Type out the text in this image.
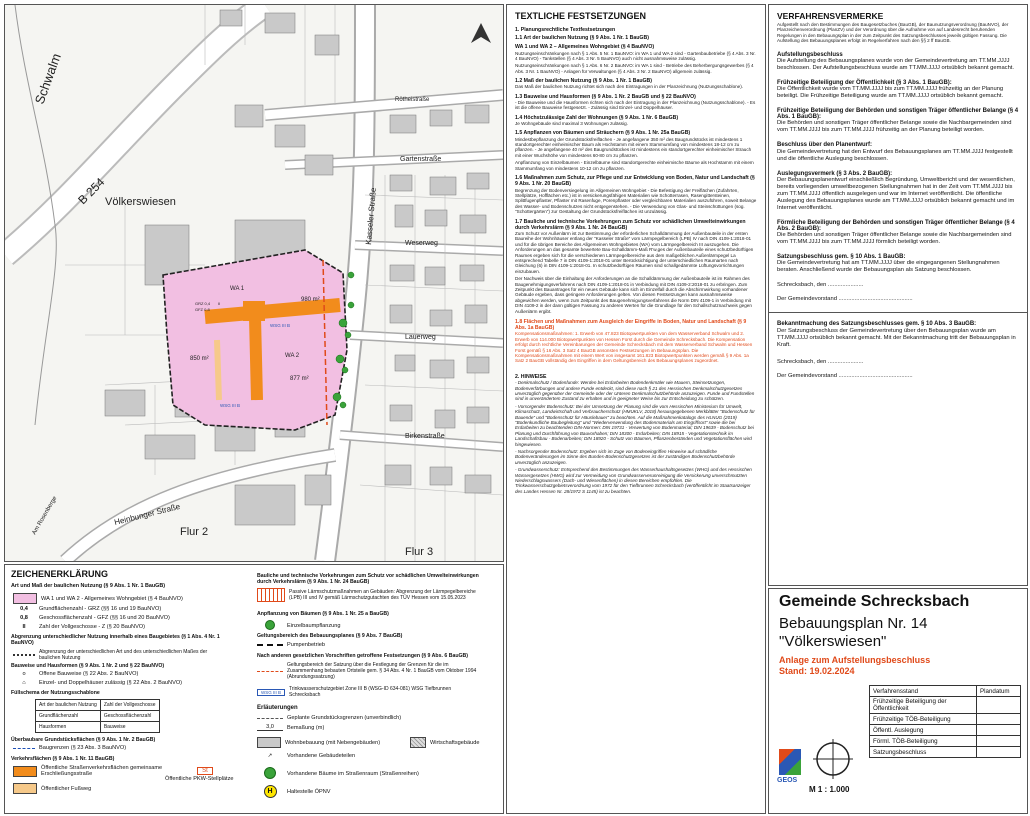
Schwalm
B 254
Rötheistraße
Gartenstraße
Kasseler Straße	Weserweg
Lauerweg
Birkenstraße
Heinbunger Straße
Am Rosenberge
Völkerswiesen
Flur 2
Flur 3
WA 1
WA 2
WSG III B
WSG III B
850 m²
980 m²
877 m²
GRZ 0,4
GFZ 0,8
II
ZEICHENERKLÄRUNG
Art und Maß der baulichen Nutzung (§ 9 Abs. 1 Nr. 1 BauGB)
WA 1 und WA 2 - Allgemeines Wohngebiet (§ 4 BauNVO)
0,4	Grundflächenzahl - GRZ (§§ 16 und 19 BauNVO)
0,8	Geschossflächenzahl - GFZ (§§ 16 und 20 BauNVO)
II	Zahl der Vollgeschosse - Z (§ 20 BauNVO)
Abgrenzung unterschiedlicher Nutzung innerhalb eines Baugebietes (§ 1 Abs. 4 Nr. 1 BauNVO)
Abgrenzung der unterschiedlichen Art und des unterschiedlichen Maßes der baulichen Nutzung
Bauweise und Hausformen (§ 9 Abs. 1 Nr. 2 und § 22 BauNVO)
o	Offene Bauweise (§ 22 Abs. 2 BauNVO)
⌂	Einzel- und Doppelhäuser zulässig (§ 22 Abs. 2 BauNVO)
Füllschema der Nutzungsschablone
Art der baulichen Nutzung	Zahl der Vollgeschosse
Grundflächenzahl	Geschossflächenzahl
Hausformen	Bauweise
Überbaubare Grundstücksflächen (§ 9 Abs. 1 Nr. 2 BauGB)
Baugrenzen (§ 23 Abs. 3 BauNVO)
Verkehrsflächen (§ 9 Abs. 1 Nr. 11 BauGB)
Öffentliche Straßenverkehrsflächen gemeinsame Erschließungsstraße
Öffentlicher Fußweg
St
Öffentliche PKW-Stellplätze
Bauliche und technische Vorkehrungen zum Schutz vor schädlichen Umwelteinwirkungen durch Verkehrslärm (§ 9 Abs. 1 Nr. 24 BauGB)
Passive Lärmschutzmaßnahmen an Gebäuden: Abgrenzung der Lärmpegelbereiche (LPB) III und IV gemäß Lärmschutzgutachten des TÜV Hessen vom 15.05.2023
Anpflanzung von Bäumen (§ 9 Abs. 1 Nr. 25 a BauGB)
Einzelbaumpflanzung
Geltungsbereich des Bebauungsplanes (§ 9 Abs. 7 BauGB)
Pumpenbetrieb
Nach anderen gesetzlichen Vorschriften getroffene Festsetzungen (§ 9 Abs. 6 BauGB)
Geltungsbereich der Satzung über die Festlegung der Grenzen für die im Zusammenhang bebauten Ortsteile gem. § 34 Abs. 4 Nr. 1 BauGB vom Oktober 1994 (Abrundungssatzung)
WSG III B	Trinkwasserschutzgebiet Zone III B (WSG-ID 634-081) WSG Tiefbrunnen Schrecksbach
Erläuterungen
Geplante Grundstücksgrenzen (unverbindlich)
3,0	Bemaßung (m)
Wohnbebauung (mit Nebengebäuden)	Wirtschaftsgebäude
↗	Vorhandene Gebäudeteilen
Vorhandene Bäume im Straßenraum (Straßenreihen)
H	Haltestelle ÖPNV
TEXTLICHE FESTSETZUNGEN
1. Planungsrechtliche Textfestsetzungen
1.1 Art der baulichen Nutzung (§ 9 Abs. 1 Nr. 1 BauGB)
WA 1 und WA 2 – Allgemeines Wohngebiet (§ 4 BauNVO)
Nutzungseinschränkungen nach § 1 Abs. 5 Nr. 1 BauNVO: im WA 1 und WA 2 sind - Gartenbaubetriebe (§ 4 Abs. 3 Nr. 4 BauNVO) - Tankstellen (§ 4 Abs. 3 Nr. 5 BauNVO) auch nicht ausnahmsweise zulässig.
Nutzungseinschränkungen nach § 1 Abs. 6 Nr. 2 BauNVO: im WA 1 sind - Betriebe des Beherbergungsgewerbes (§ 4 Abs. 3 Nr. 1 BauNVO) - Anlagen für Verwaltungen (§ 4 Abs. 3 Nr. 2 BauNVO) allgemein zulässig.
1.2 Maß der baulichen Nutzung (§ 9 Abs. 1 Nr. 1 BauGB)
Das Maß der baulichen Nutzung richtet sich nach den Eintragungen in der Planzeichnung (Nutzungsschablone).
1.3 Bauweise und Hausformen (§ 9 Abs. 1 Nr. 2 BauGB und § 22 BauNVO)
- Die Bauweise und die Hausformen richten sich nach der Eintragung in der Planzeichnung (Nutzungsschablone). - Es ist die offene Bauweise festgesetzt. - Zulässig sind Einzel- und Doppelhäuser.
1.4 Höchstzulässige Zahl der Wohnungen (§ 9 Abs. 1 Nr. 6 BauGB)
Je Wohngebäude sind maximal 3 Wohnungen zulässig.
1.5 Anpflanzen von Bäumen und Sträuchern (§ 9 Abs. 1 Nr. 25a BauGB)
Mindestbepflanzung der Grundstücksfreiflächen - Je angefangene 350 m² des Baugrundstücks ist mindestens 1 standortgerechter einheimischer Baum als Hochstamm mit einem Stammumfang von mindestens 18-12 cm zu pflanzen. - Je angefangene 40 m² des Baugrundstückes ist mindestens ein standortgerechter einheimischer Strauch mit einer Wuchshöhe von mindestens 60-80 cm zu pflanzen.
Anpflanzung von Einzelbäumen - Einzelbäume sind standortgerechte einheimische Bäume als Hochstamm mit einem Stammumfang von mindestens 10-12 cm zu pflanzen.
1.6 Maßnahmen zum Schutz, zur Pflege und zur Entwicklung von Boden, Natur und Landschaft (§ 9 Abs. 1 Nr. 20 BauGB)
Begrenzung der Bodenversiegelung im Allgemeinen Wohngebiet - Die Befestigung der Freiflächen (Zufahrten, Stellplätze, Hofflächen etc.) ist in versickerungsfähigen Materialien wie Schotterrasen, Rasengittersteinen, Splittfugenpflaster, Pflaster mit Rasenfuge, Porenpflaster oder vergleichbaren Materialien auszuführen, soweit Belange des Wasser- und Bodenschutzes nicht entgegenstehen. - Die Verwendung von Glas- und Steinschüttungen (sog. "Schottergärten") zur Gestaltung der Grundstücksfreiflächen ist unzulässig.
1.7 Bauliche und technische Vorkehrungen zum Schutz vor schädlichen Umwelteinwirkungen durch Verkehrslärm (§ 9 Abs. 1 Nr. 24 BauGB)
Zum Schutz vor Außenlärm ist zur Bestimmung der erforderlichen Schalldämmung der Außenbauteile in der ersten Baureihe der Wohnhäuser entlang der "Kasseler Straße" vom Lärmpegelbereich (LPB) IV nach DIN 4109-1:2018-01 und für die übrigen Bereiche des Allgemeinen Wohngebietes (WA) vom Lärmpegelbereich III auszugehen. Die Anforderungen an das gesamte bewertete Bau-Schalldämm-Maß R'w,ges der Außenbauteile eines schutzbedürftigen Raumes ergeben sich für die verschiedenen Lärmpegelbereiche aus dem maßgeblichen Außenlärmpegel La entsprechend Tabelle 7 in DIN 4109-1:2018-01 unter Berücksichtigung der unterschiedlichen Raumarten nach Gleichung (6) in DIN 4109-1:2018-01. In schutzbedürftigen Räumen sind schallgedämmte Lüftungsvorrichtungen einzubauen.
Der Nachweis über die Einhaltung der Anforderungen an die Schalldämmung der Außenbauteile ist im Rahmen des Baugenehmigungsverfahrens nach DIN 4109-1:2018-01 in Verbindung mit DIN 4109-2:2018-01 zu erbringen. Zum Zeitpunkt des Bauantrages für ein neues Gebäude kann sich im Einzelfall durch die Abschirmwirkung vorhandener Gebäude ergeben, dass geringere Anforderungen gelten. Von diesen Festsetzungen kann ausnahmsweise abgewichen werden, wenn zum Zeitpunkt des Baugenehmigungsverfahrens die Norm DIN 4109-1 in Verbindung mit DIN 4109-2 in der dann gültigen Fassung zu anderen Werten für die Grundlage für den Schallschutznachweis gegen Außenlärm ergibt.
1.8 Flächen und Maßnahmen zum Ausgleich der Eingriffe in Boden, Natur und Landschaft (§ 9 Abs. 1a BauGB)
Kompensationsmaßnahmen: 1. Erwerb von 47.823 Biotopwertpunkten von dem Wasserverband Schwalm und 2. Erwerb von 114.000 Biotopwertpunkten von Hessen Forst durch die Gemeinde Schrecksbach. Die Kompensation erfolgt durch rechtliche Vereinbarungen der Gemeinde Schrecksbach mit dem Wasserverband Schwalm und Hessen Forst gemäß § 16 Abs. 3 Satz 4 BauGB ansonsten Festsetzungen im Bebauungsplan. Die Kompensationsmaßnahmen mit einem Wert von insgesamt 161.823 Biotopwertpunkten werden gemäß § 9 Abs. 1a Satz 2 BauGB vollständig den Eingriffen in dem Geltungsbereich des Bebauungsplanes zugeordnet.
2. HINWEISE
- Denkmalschutz / Bodenfunde: Werden bei Erdarbeiten Bodendenkmäler wie Mauern, Steinsetzungen, Bodenverfärbungen und andere Funde entdeckt, sind diese nach § 21 des Hessischen Denkmalschutzgesetzes unverzüglich gegenüber der Gemeinde oder der Unteren Denkmalschutzbehörde anzuzeigen. Funde und Fundstellen sind in unverändertem Zustand zu erhalten und in geeigneter Weise bis zur Entscheidung zu schützen.
- Vorsorgender Bodenschutz: Bei der Umsetzung der Planung sind die vom Hessischen Ministerium für Umwelt, Klimaschutz, Landwirtschaft und Verbraucherschutz (HMUKLV, 2018) herausgegebenen Merkblätter "Bodenschutz für Bauende" und "Bodenschutz für Häuslebauer" zu beachten. Auf die Maßnahmenkatalogs des HLNUG (2019) "Bodenkundliche Baubegleitung" und "Wiederverwendung des Bodenmaterials am Eingriffsort" sowie die bei Erdarbeiten zu beachtenden DIN-Normen: DIN 19731 - Verwertung von Bodenmaterial; DIN 19639 - Bodenschutz bei Planung und Durchführung von Bauvorhaben; DIN 18300 - Erdarbeiten; DIN 18915 - Vegetationstechnik im Landschaftsbau - Bodenarbeiten; DIN 18920 - Schutz von Bäumen, Pflanzenbeständen und Vegetationsflächen wird hingewiesen.
- Nachsorgender Bodenschutz: Ergeben sich im Zuge von Bodeneingriffen Hinweise auf schädliche Bodenveränderungen im Sinne des Bundes-Bodenschutzgesetzes ist der zuständigen Bodenschutzbehörde unverzüglich anzuzeigen.
- Grundwasserschutz: Entsprechend den Bestimmungen des Wasserhaushaltsgesetzes (WHG) und des Hessischen Wassergesetzes (HWG) wird zur Vermeidung von Grundwasserverunreinigung die Versickerung unverschmutzten Niederschlagswassers (Dach- und Wiesenflächen) in diesen Bereichen empfohlen. Die Trinkwasserschutzgebietsverordnung vom 1972 für den Tiefbrunnen Schrecksbach (veröffentlicht im Staatsanzeiger des Landes Hessen Nr. 28/1972 S 1145) ist zu beachten.
VERFAHRENSVERMERKE
Aufgestellt nach den Bestimmungen des Baugesetzbuches (BauGB), der Baunutzungsverordnung (BauNVO), der Planzeichenverordnung (PlanZV) und der Verordnung über die Aufnahme von auf Landesrecht beruhenden Regelungen in den Bebauungsplan in der zum Zeitpunkt des Satzungsbeschlusses jeweils gültigen Fassung. Die Aufstellung des Bebauungsplanes erfolgt im Regelverfahren nach den §§ 2 ff BauGB.
Aufstellungsbeschluss
Die Aufstellung des Bebauungsplanes wurde von der Gemeindevertretung am TT.MM.JJJJ beschlossen. Der Aufstellungsbeschluss wurde am TT.MM.JJJJ ortsüblich bekannt gemacht.
Frühzeitige Beteiligung der Öffentlichkeit (§ 3 Abs. 1 BauGB):
Die Öffentlichkeit wurde vom TT.MM.JJJJ bis zum TT.MM.JJJJ frühzeitig an der Planung beteiligt. Die Frühzeitige Beteiligung wurde am TT.MM.JJJJ ortsüblich bekannt gemacht.
Frühzeitige Beteiligung der Behörden und sonstigen Träger öffentlicher Belange (§ 4 Abs. 1 BauGB):
Die Behörden und sonstigen Träger öffentlicher Belange sowie die Nachbargemeinden sind vom TT.MM.JJJJ bis zum TT.MM.JJJJ frühzeitig an der Planung beteiligt worden.
Beschluss über den Planentwurf:
Die Gemeindevertretung hat den Entwurf des Bebauungsplanes am TT.MM.JJJJ festgestellt und die öffentliche Auslegung beschlossen.
Auslegungsvermerk (§ 3 Abs. 2 BauGB):
Der Bebauungsplanentwurf einschließlich Begründung, Umweltbericht und der wesentlichen, bereits vorliegenden umweltbezogenen Stellungnahmen hat in der Zeit vom TT.MM.JJJJ bis zum TT.MM.JJJJ öffentlich ausgelegen und war im Internet veröffentlicht. Die öffentliche Auslegung des Bebauungsplanes wurde am TT.MM.JJJJ ortsüblich bekannt gemacht und im Internet veröffentlicht.
Förmliche Beteiligung der Behörden und sonstigen Träger öffentlicher Belange (§ 4 Abs. 2 BauGB):
Die Behörden und sonstigen Träger öffentlicher Belange sowie die Nachbargemeinden sind vom TT.MM.JJJJ bis zum TT.MM.JJJJ förmlich beteiligt worden.
Satzungsbeschluss gem. § 10 Abs. 1 BauGB:
Die Gemeindevertretung hat am TT.MM.JJJJ über die eingegangenen Stellungnahmen beraten. Anschließend wurde der Bebauungsplan als Satzung beschlossen.
Schrecksbach, den ......................
Der Gemeindevorstand ..............................................
Bekanntmachung des Satzungsbeschlusses gem. § 10 Abs. 3 BauGB:
Der Satzungsbeschluss der Gemeindevertretung über den Bebauungsplan wurde am TT.MM.JJJJ ortsüblich bekannt gemacht. Mit der Bekanntmachung tritt der Bebauungsplan in Kraft.
Schrecksbach, den ......................
Der Gemeindevorstand ..............................................
Gemeinde Schrecksbach
Bebauungsplan Nr. 14
"Völkerswiesen"
Anlage zum Aufstellungsbeschluss
Stand: 19.02.2024
Verfahrensstand	Plandatum
Frühzeitige Beteiligung der Öffentlichkeit	
Frühzeitige TÖB-Beteiligung	
Öffentl. Auslegung	
Förml. TÖB-Beteiligung	
Satzungsbeschluss	
GEOS
M 1 : 1.000
